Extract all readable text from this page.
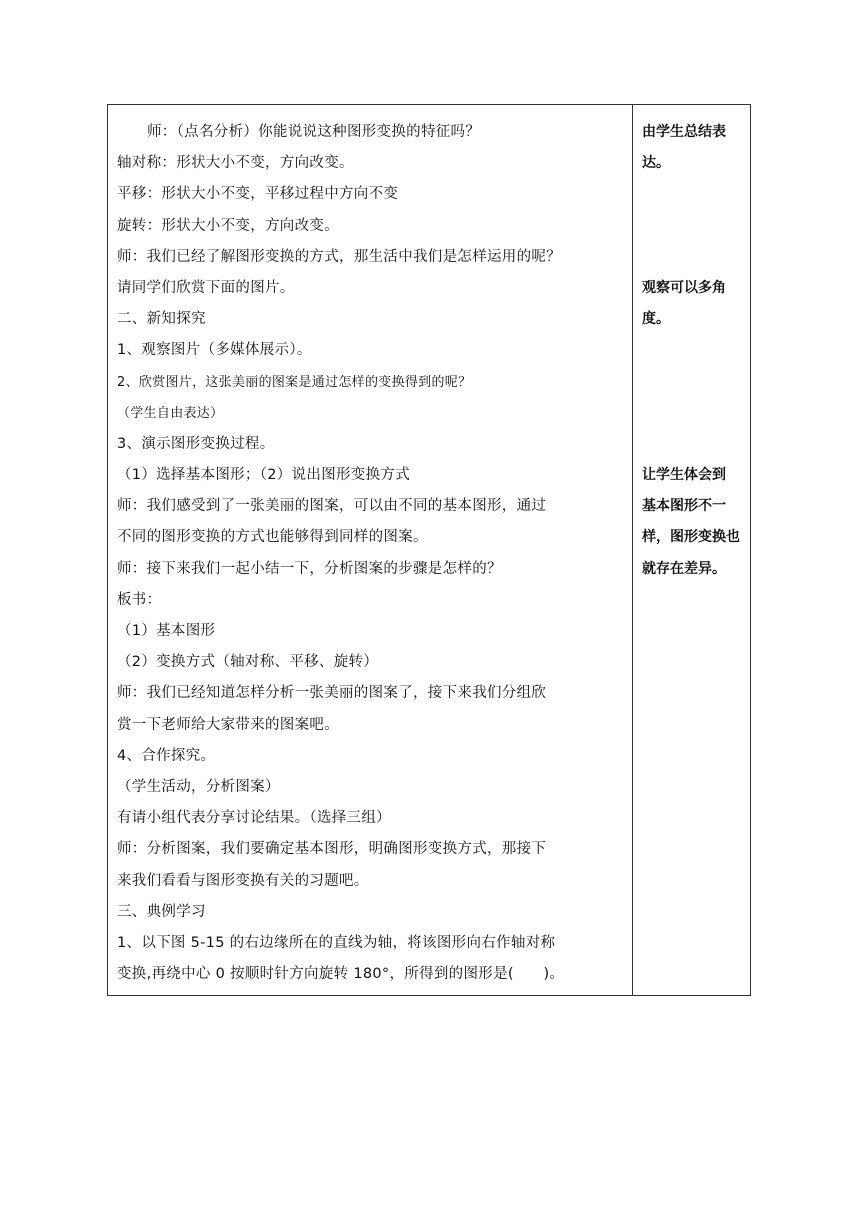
师：（点名分析）你能说说这种图形变换的特征吗？
轴对称：形状大小不变，方向改变。
平移：形状大小不变，平移过程中方向不变
旋转：形状大小不变，方向改变。
师：我们已经了解图形变换的方式，那生活中我们是怎样运用的呢？
请同学们欣赏下面的图片。
二、新知探究
1、观察图片（多媒体展示）。
2、欣赏图片，这张美丽的图案是通过怎样的变换得到的呢？
（学生自由表达）
3、演示图形变换过程。
（1）选择基本图形；（2）说出图形变换方式
师：我们感受到了一张美丽的图案，可以由不同的基本图形，通过
不同的图形变换的方式也能够得到同样的图案。
师：接下来我们一起小结一下，分析图案的步骤是怎样的？
板书：
（1）基本图形
（2）变换方式（轴对称、平移、旋转）
师：我们已经知道怎样分析一张美丽的图案了，接下来我们分组欣
赏一下老师给大家带来的图案吧。
4、合作探究。
（学生活动，分析图案）
有请小组代表分享讨论结果。（选择三组）
师：分析图案，我们要确定基本图形，明确图形变换方式，那接下
来我们看看与图形变换有关的习题吧。
三、典例学习
1、以下图 5-15 的右边缘所在的直线为轴，将该图形向右作轴对称
变换,再绕中心 0 按顺时针方向旋转 180°，所得到的图形是(　　)。
由学生总结表
达。
观察可以多角
度。
让学生体会到
基本图形不一
样，图形变换也
就存在差异。
